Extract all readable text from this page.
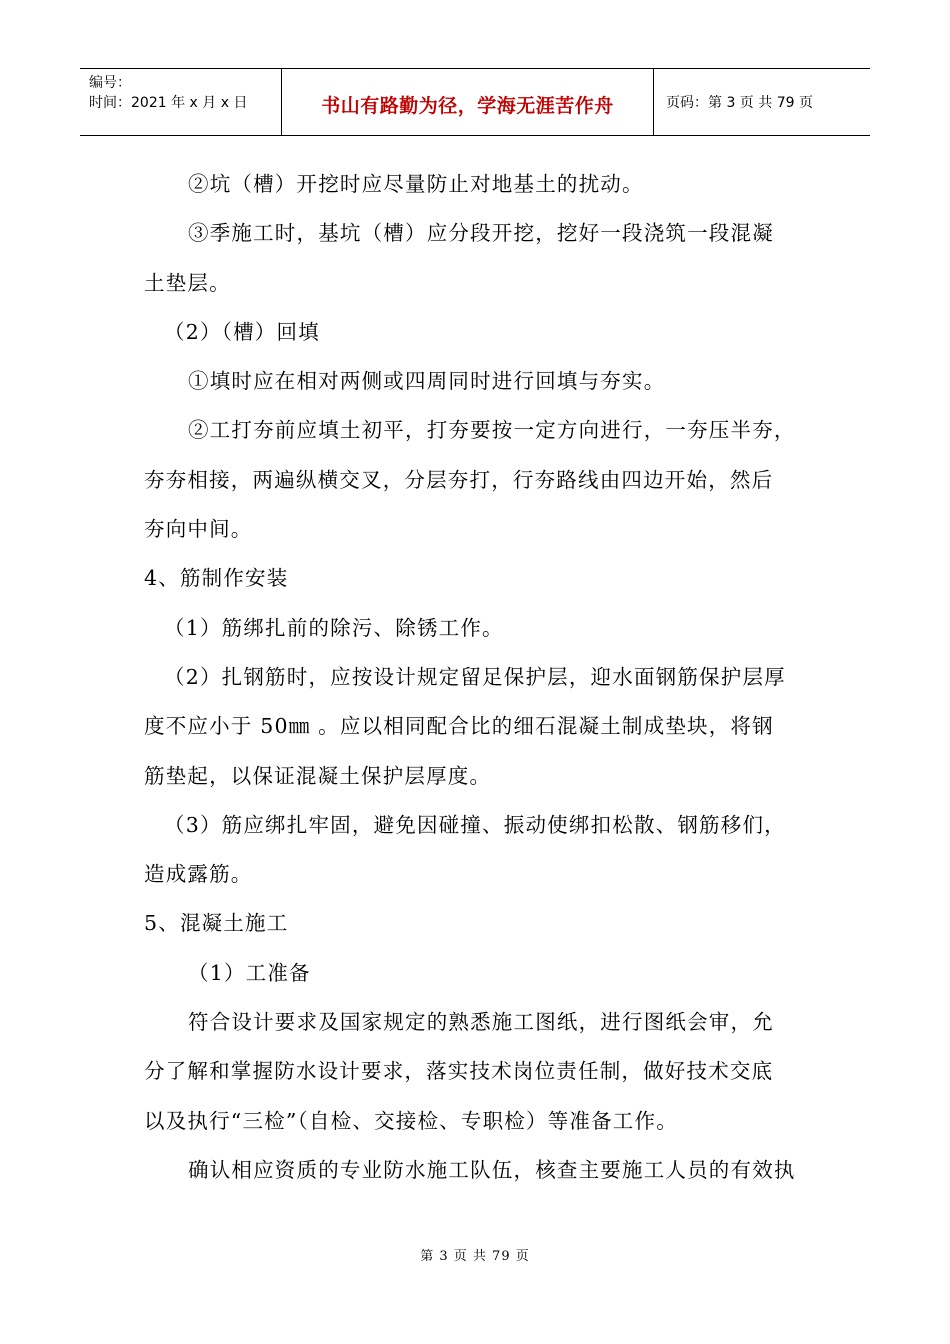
编号：
时间：2021 年 x 月 x 日	书山有路勤为径，学海无涯苦作舟	页码：第 3 页 共 79 页

②坑（槽）开挖时应尽量防止对地基土的扰动。

③季施工时，基坑（槽）应分段开挖，挖好一段浇筑一段混凝

土垫层。

（2）（槽）回填

①填时应在相对两侧或四周同时进行回填与夯实。

②工打夯前应填土初平，打夯要按一定方向进行，一夯压半夯，

夯夯相接，两遍纵横交叉，分层夯打，行夯路线由四边开始，然后

夯向中间。

4、筋制作安装

（1）筋绑扎前的除污、除锈工作。

（2）扎钢筋时，应按设计规定留足保护层，迎水面钢筋保护层厚

度不应小于 50㎜ 。应以相同配合比的细石混凝土制成垫块，将钢

筋垫起，以保证混凝土保护层厚度。

（3）筋应绑扎牢固，避免因碰撞、振动使绑扣松散、钢筋移们，

造成露筋。

5、混凝土施工

（1）工准备

符合设计要求及国家规定的熟悉施工图纸，进行图纸会审，允

分了解和掌握防水设计要求，落实技术岗位责任制，做好技术交底

以及执行“三检”（自检、交接检、专职检）等准备工作。

确认相应资质的专业防水施工队伍，核查主要施工人员的有效执

第 3 页 共 79 页
